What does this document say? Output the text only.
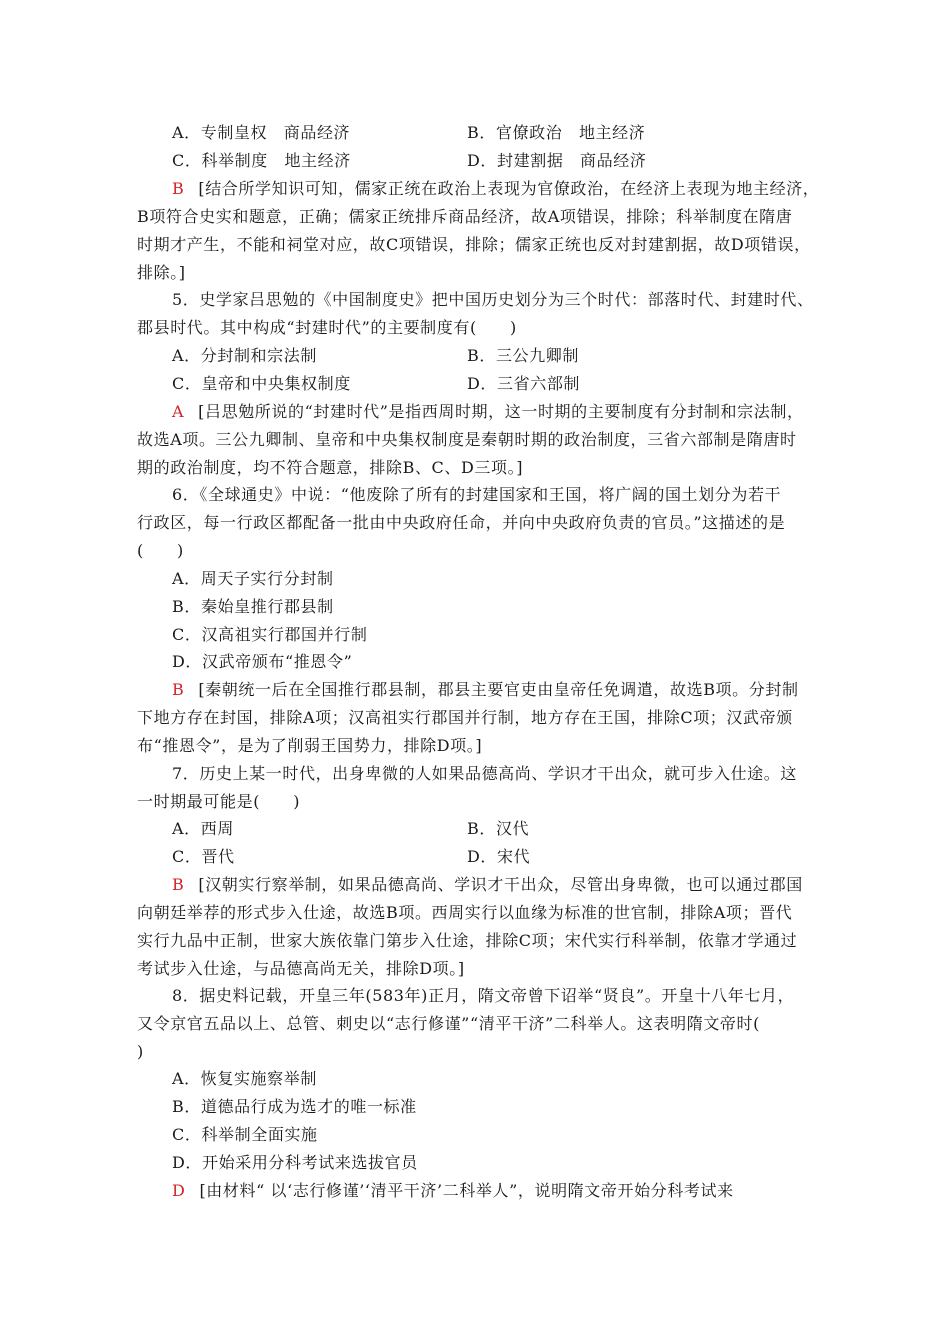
A．专制皇权　商品经济	B．官僚政治　地主经济
C．科举制度　地主经济	D．封建割据　商品经济
B [结合所学知识可知，儒家正统在政治上表现为官僚政治，在经济上表现为地主经济，
B项符合史实和题意，正确；儒家正统排斥商品经济，故A项错误，排除；科举制度在隋唐
时期才产生，不能和祠堂对应，故C项错误，排除；儒家正统也反对封建割据，故D项错误，
排除。]
5．史学家吕思勉的《中国制度史》把中国历史划分为三个时代：部落时代、封建时代、
郡县时代。其中构成“封建时代”的主要制度有(　　)
A．分封制和宗法制	B．三公九卿制
C．皇帝和中央集权制度	D．三省六部制
A [吕思勉所说的“封建时代”是指西周时期，这一时期的主要制度有分封制和宗法制，
故选A项。三公九卿制、皇帝和中央集权制度是秦朝时期的政治制度，三省六部制是隋唐时
期的政治制度，均不符合题意，排除B、C、D三项。]
6．《全球通史》中说：“他废除了所有的封建国家和王国，将广阔的国土划分为若干
行政区，每一行政区都配备一批由中央政府任命，并向中央政府负责的官员。”这描述的是
(　　)
A．周天子实行分封制
B．秦始皇推行郡县制
C．汉高祖实行郡国并行制
D．汉武帝颁布“推恩令”
B [秦朝统一后在全国推行郡县制，郡县主要官吏由皇帝任免调遣，故选B项。分封制
下地方存在封国，排除A项；汉高祖实行郡国并行制，地方存在王国，排除C项；汉武帝颁
布“推恩令”，是为了削弱王国势力，排除D项。]
7．历史上某一时代，出身卑微的人如果品德高尚、学识才干出众，就可步入仕途。这
一时期最可能是(　　)
A．西周	B．汉代
C．晋代	D．宋代
B [汉朝实行察举制，如果品德高尚、学识才干出众，尽管出身卑微，也可以通过郡国
向朝廷举荐的形式步入仕途，故选B项。西周实行以血缘为标准的世官制，排除A项；晋代
实行九品中正制，世家大族依靠门第步入仕途，排除C项；宋代实行科举制，依靠才学通过
考试步入仕途，与品德高尚无关，排除D项。]
8．据史料记载，开皇三年(583年)正月，隋文帝曾下诏举“贤良”。开皇十八年七月，
又令京官五品以上、总管、刺史以“志行修谨”“清平干济”二科举人。这表明隋文帝时(
)
A．恢复实施察举制
B．道德品行成为选才的唯一标准
C．科举制全面实施
D．开始采用分科考试来选拔官员
D [由材料“ 以‘志行修谨’‘清平干济’二科举人”，说明隋文帝开始分科考试来
